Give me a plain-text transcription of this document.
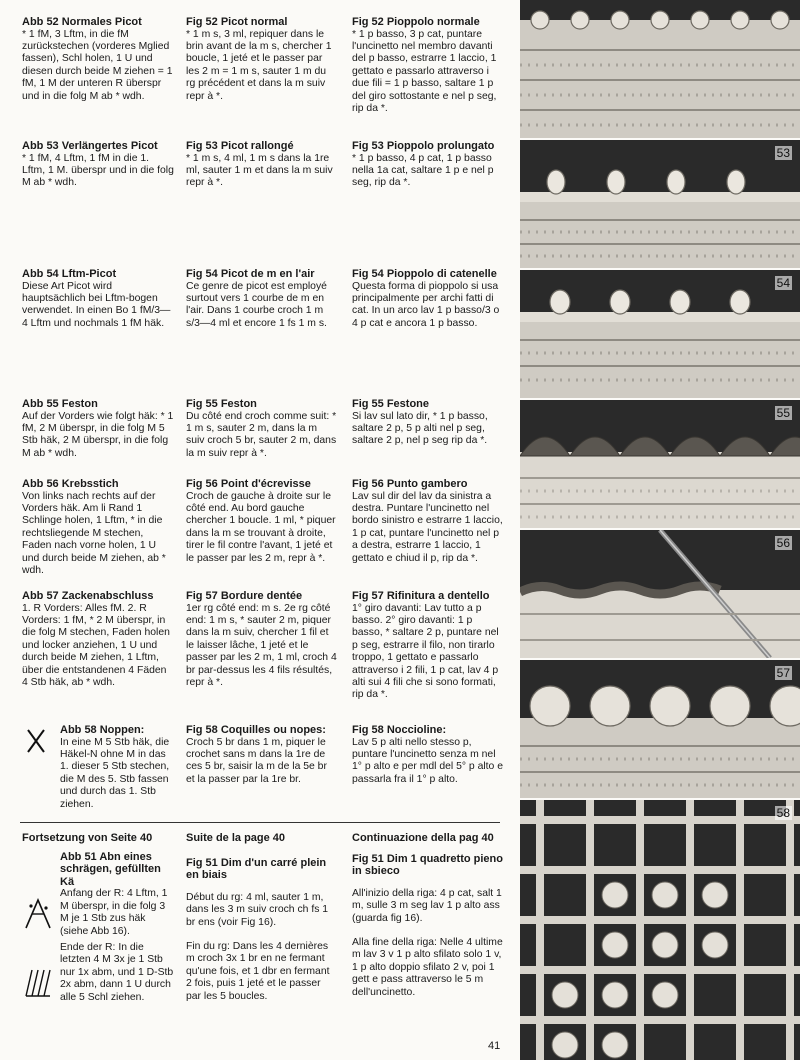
Abb 52 Normales Picot
* 1 fM, 3 Lftm, in die fM zurückstechen (vorderes Mglied fassen), Schl holen, 1 U und diesen durch beide M ziehen = 1 fM, 1 M der unteren R überspr und in die folg M ab * wdh.
Abb 53 Verlängertes Picot
* 1 fM, 4 Lftm, 1 fM in die 1. Lftm, 1 M. überspr und in die folg M ab * wdh.
Abb 54 Lftm-Picot
Diese Art Picot wird hauptsächlich bei Lftm-bogen verwendet. In einen Bo 1 fM/3—4 Lftm und nochmals 1 fM häk.
Abb 55 Feston
Auf der Vorders wie folgt häk: * 1 fM, 2 M überspr, in die folg M 5 Stb häk, 2 M überspr, in die folg M ab * wdh.
Abb 56 Krebsstich
Von links nach rechts auf der Vorders häk. Am li Rand 1 Schlinge holen, 1 Lftm, * in die rechtsliegende M stechen, Faden nach vorne holen, 1 U und durch beide M ziehen, ab * wdh.
Abb 57 Zackenabschluss
1. R Vorders: Alles fM. 2. R Vorders: 1 fM, * 2 M überspr, in die folg M stechen, Faden holen und locker anziehen, 1 U und durch beide M ziehen, 1 Lftm, über die entstandenen 4 Fäden 4 Stb häk, ab * wdh.
Abb 58 Noppen:
In eine M 5 Stb häk, die Häkel-N ohne M in das 1. dieser 5 Stb stechen, die M des 5. Stb fassen und durch das 1. Stb ziehen.
Fig 52 Picot normal
* 1 m s, 3 ml, repiquer dans le brin avant de la m s, chercher 1 boucle, 1 jeté et le passer par les 2 m = 1 m s, sauter 1 m du rg précédent et dans la m suiv repr à *.
Fig 53 Picot rallongé
* 1 m s, 4 ml, 1 m s dans la 1re ml, sauter 1 m et dans la m suiv repr à *.
Fig 54 Picot de m en l'air
Ce genre de picot est employé surtout vers 1 courbe de m en l'air. Dans 1 courbe croch 1 m s/3—4 ml et encore 1 fs 1 m s.
Fig 55 Feston
Du côté end croch comme suit: * 1 m s, sauter 2 m, dans la m suiv croch 5 br, sauter 2 m, dans la m suiv repr à *.
Fig 56 Point d'écrevisse
Croch de gauche à droite sur le côté end. Au bord gauche chercher 1 boucle. 1 ml, * piquer dans la m se trouvant à droite, tirer le fil contre l'avant, 1 jeté et le passer par les 2 m, repr à *.
Fig 57 Bordure dentée
1er rg côté end: m s. 2e rg côté end: 1 m s, * sauter 2 m, piquer dans la m suiv, chercher 1 fil et le laisser lâche, 1 jeté et le passer par les 2 m, 1 ml, croch 4 br par-dessus les 4 fils résultés, repr à *.
Fig 58 Coquilles ou nopes:
Croch 5 br dans 1 m, piquer le crochet sans m dans la 1re de ces 5 br, saisir la m de la 5e br et la passer par la 1re br.
Fig 52 Pioppolo normale
* 1 p basso, 3 p cat, puntare l'uncinetto nel membro davanti del p basso, estrarre 1 laccio, 1 gettato e passarlo attraverso i due fili = 1 p basso, saltare 1 p del giro sottostante e nel p seg, rip da *.
Fig 53 Pioppolo prolungato
* 1 p basso, 4 p cat, 1 p basso nella 1a cat, saltare 1 p e nel p seg, rip da *.
Fig 54 Pioppolo di catenelle
Questa forma di pioppolo si usa principalmente per archi fatti di cat. In un arco lav 1 p basso/3 o 4 p cat e ancora 1 p basso.
Fig 55 Festone
Si lav sul lato dir, * 1 p basso, saltare 2 p, 5 p alti nel p seg, saltare 2 p, nel p seg rip da *.
Fig 56 Punto gambero
Lav sul dir del lav da sinistra a destra. Puntare l'uncinetto nel bordo sinistro e estrarre 1 laccio, 1 p cat, puntare l'uncinetto nel p a destra, estrarre 1 laccio, 1 gettato e chiud il p, rip da *.
Fig 57 Rifinitura a dentello
1° giro davanti: Lav tutto a p basso. 2° giro davanti: 1 p basso, * saltare 2 p, puntare nel p seg, estrarre il filo, non tirarlo troppo, 1 gettato e passarlo attraverso i 2 fili, 1 p cat, lav 4 p alti sui 4 fili che si sono formati, rip da *.
Fig 58 Noccioline:
Lav 5 p alti nello stesso p, puntare l'uncinetto senza m nel 1° p alto e per mdl del 5° p alto e passarla fra il 1° p alto.
Fortsetzung von Seite 40
Abb 51 Abn eines schrägen, gefüllten Kä
Anfang der R: 4 Lftm, 1 M überspr, in die folg 3 M je 1 Stb zus häk (siehe Abb 16).
Ende der R: In die letzten 4 M 3x je 1 Stb nur 1x abm, und 1 D-Stb 2x abm, dann 1 U durch alle 5 Schl ziehen.
Suite de la page 40
Fig 51 Dim d'un carré plein en biais
Début du rg: 4 ml, sauter 1 m, dans les 3 m suiv croch ch fs 1 br ens (voir Fig 16).
Fin du rg: Dans les 4 dernières m croch 3x 1 br en ne fermant qu'une fois, et 1 dbr en fermant 2 fois, puis 1 jeté et le passer par les 5 boucles.
Continuazione della pag 40
Fig 51 Dim 1 quadretto pieno in sbieco
All'inizio della riga: 4 p cat, salt 1 m, sulle 3 m seg lav 1 p alto ass (guarda fig 16).
Alla fine della riga: Nelle 4 ultime m lav 3 v 1 p alto sfilato solo 1 v, 1 p alto doppio sfilato 2 v, poi 1 gett e pass attraverso le 5 m dell'uncinetto.
41
53
54
55
56
57
58
